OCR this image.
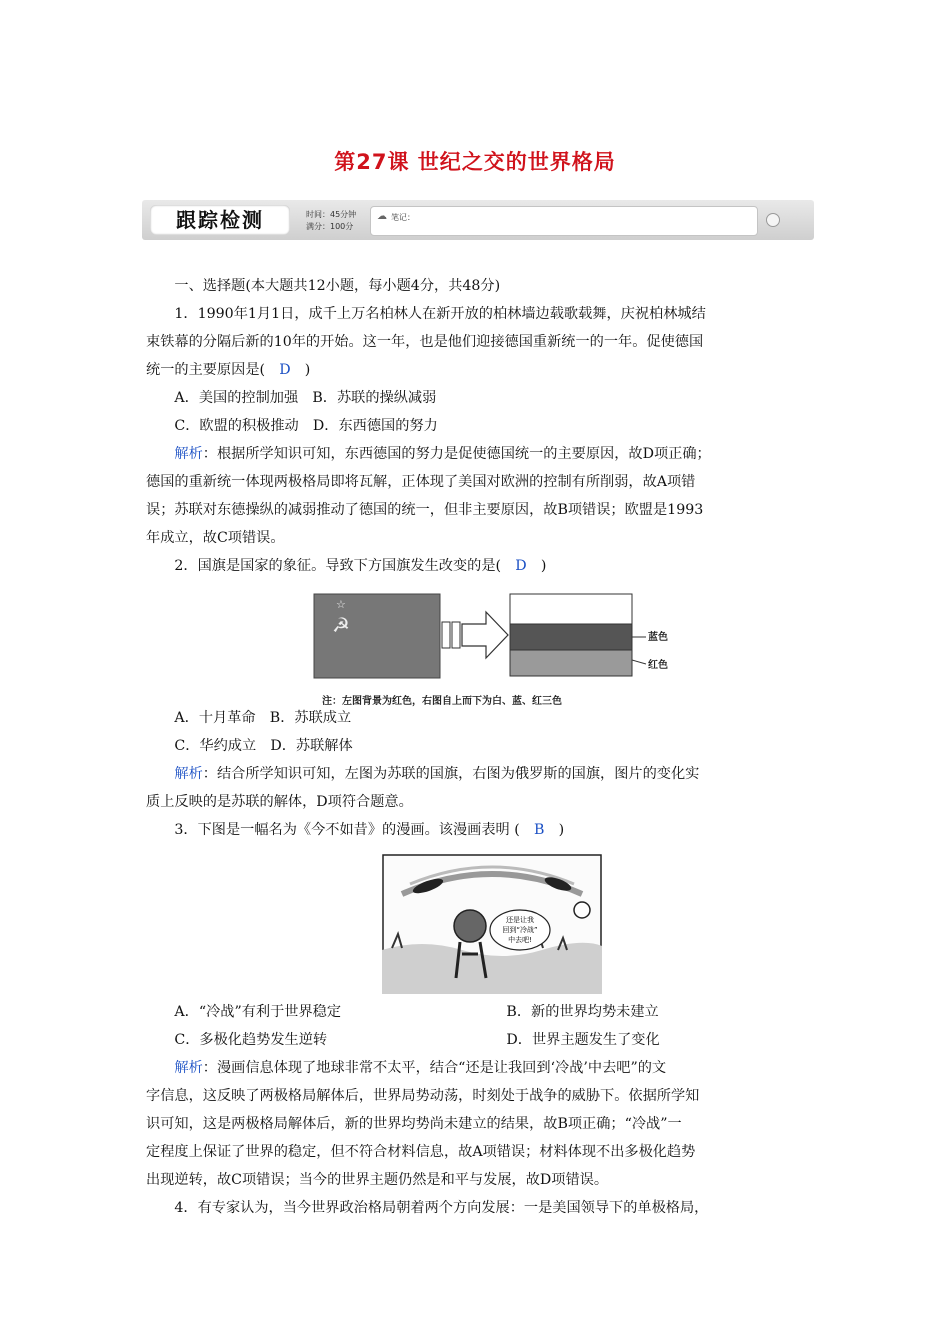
第27课 世纪之交的世界格局
跟踪检测	时间：45分钟
满分：100分
☁ 笔记：

一、选择题(本大题共12小题，每小题4分，共48分)

1．1990年1月1日，成千上万名柏林人在新开放的柏林墙边载歌载舞，庆祝柏林城结

束铁幕的分隔后新的10年的开始。这一年，也是他们迎接德国重新统一的一年。促使德国

统一的主要原因是(　D　)

A．美国的控制加强　B．苏联的操纵减弱

C．欧盟的积极推动　D．东西德国的努力

解析：根据所学知识可知，东西德国的努力是促使德国统一的主要原因，故D项正确；

德国的重新统一体现两极格局即将瓦解，正体现了美国对欧洲的控制有所削弱，故A项错

误；苏联对东德操纵的减弱推动了德国的统一，但非主要原因，故B项错误；欧盟是1993

年成立，故C项错误。

2．国旗是国家的象征。导致下方国旗发生改变的是(　D　)

☆
☭
蓝色
红色
注：左图背景为红色，右图自上而下为白、蓝、红三色

A．十月革命　B．苏联成立

C．华约成立　D．苏联解体

解析：结合所学知识可知，左图为苏联的国旗，右图为俄罗斯的国旗，图片的变化实

质上反映的是苏联的解体，D项符合题意。

3．下图是一幅名为《今不如昔》的漫画。该漫画表明 (　B　)

还是让我
回到“冷战”
中去吧!

A．“冷战”有利于世界稳定	B．新的世界均势未建立

C．多极化趋势发生逆转	D．世界主题发生了变化

解析：漫画信息体现了地球非常不太平，结合“还是让我回到‘冷战’中去吧”的文

字信息，这反映了两极格局解体后，世界局势动荡，时刻处于战争的威胁下。依据所学知

识可知，这是两极格局解体后，新的世界均势尚未建立的结果，故B项正确；“冷战”一

定程度上保证了世界的稳定，但不符合材料信息，故A项错误；材料体现不出多极化趋势

出现逆转，故C项错误；当今的世界主题仍然是和平与发展，故D项错误。

4．有专家认为，当今世界政治格局朝着两个方向发展：一是美国领导下的单极格局，
